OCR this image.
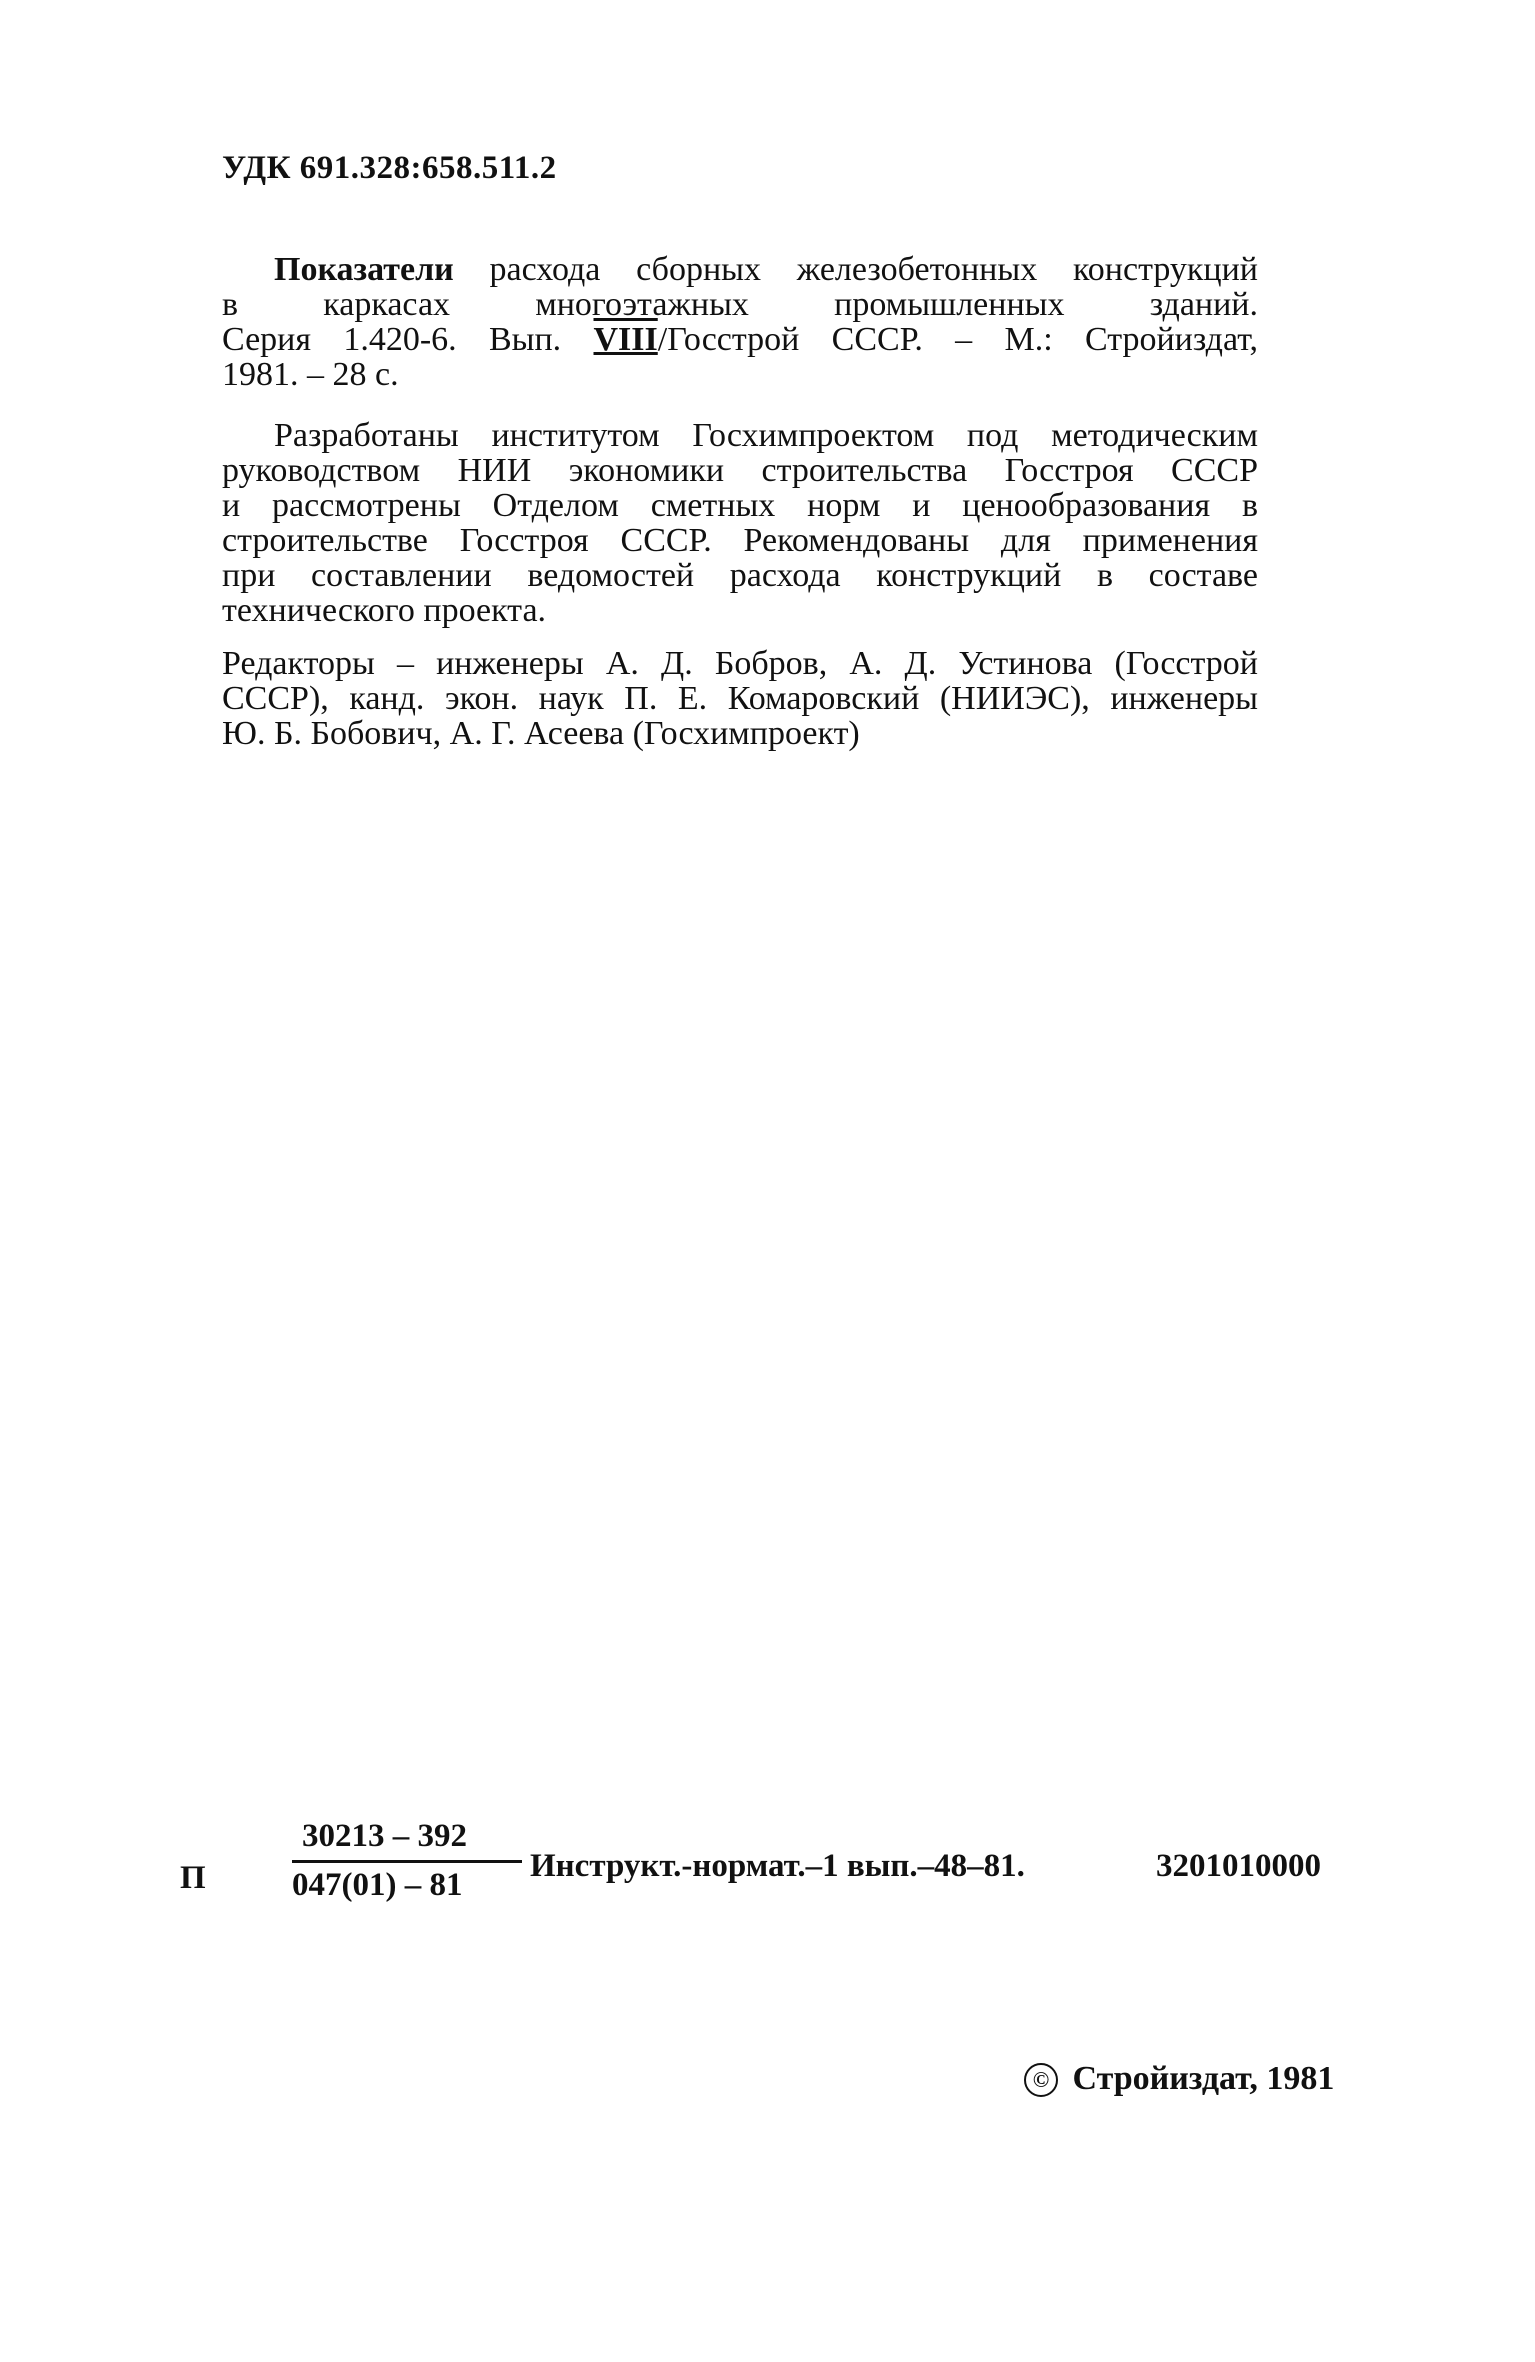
УДК 691.328:658.511.2
Показатели расхода сборных железобетонных конструкций
в каркасах многоэтажных промышленных зданий.
Серия 1.420-6. Вып. VIII/Госстрой СССР. – М.: Стройиздат,
1981. – 28 с.
Разработаны институтом Госхимпроектом под методическим
руководством НИИ экономики строительства Госстроя СССР
и рассмотрены Отделом сметных норм и ценообразования в
строительстве Госстроя СССР. Рекомендованы для применения
при составлении ведомостей расхода конструкций в составе
технического проекта.
Редакторы – инженеры А. Д. Бобров, А. Д. Устинова (Госстрой
СССР), канд. экон. наук П. Е. Комаровский (НИИЭС), инженеры
Ю. Б. Бобович, А. Г. Асеева (Госхимпроект)
П
30213 – 392
047(01) – 81
Инструкт.-нормат.–1 вып.–48–81.	3201010000
© Стройиздат, 1981
